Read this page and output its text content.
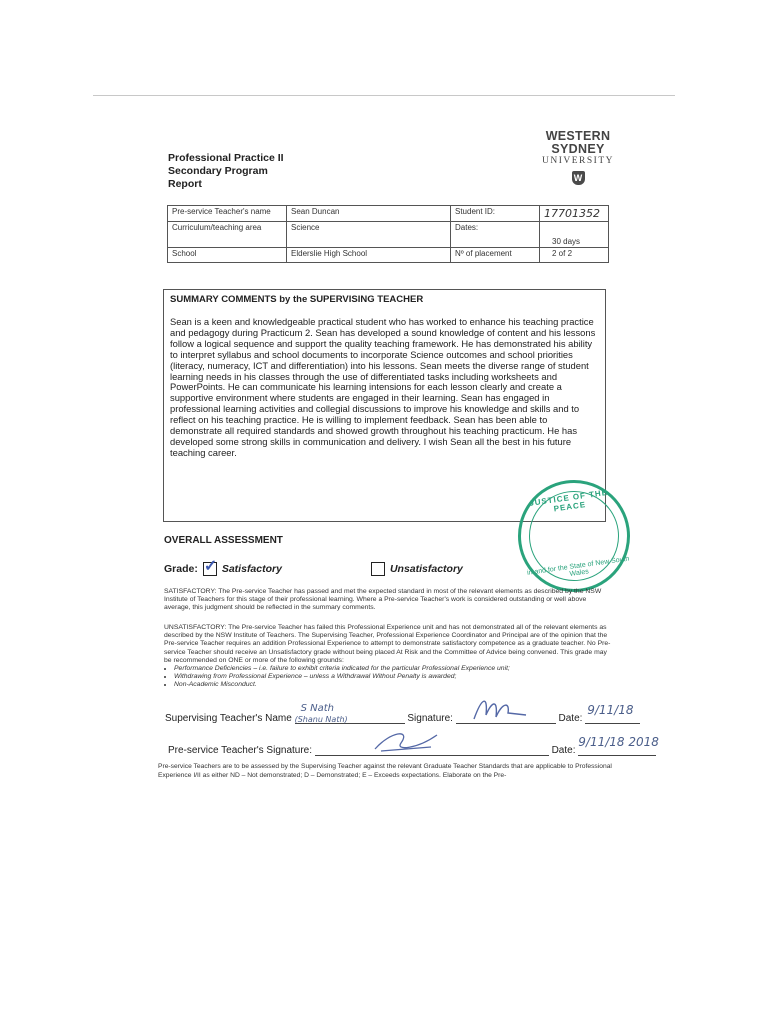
Professional Practice II
Secondary Program
Report
WESTERN SYDNEY
UNIVERSITY
W
Pre-service Teacher's name	Sean Duncan	Student ID:	17701352
Curriculum/teaching area	Science	Dates:	30 days
School	Elderslie High School	Nº of placement	2 of 2
SUMMARY COMMENTS by the SUPERVISING TEACHER

Sean is a keen and knowledgeable practical student who has worked to enhance his teaching practice and pedagogy during Practicum 2. Sean has developed a sound knowledge of content and his lessons follow a logical sequence and support the quality teaching framework. He has demonstrated his ability to interpret syllabus and school documents to incorporate Science outcomes and school priorities (literacy, numeracy, ICT and differentiation) into his lessons. Sean meets the diverse range of student learning needs in his classes through the use of differentiated tasks including worksheets and PowerPoints. He can communicate his learning intensions for each lesson clearly and create a supportive environment where students are engaged in their learning. Sean has engaged in professional learning activities and collegial discussions to improve his knowledge and skills and to reflect on his teaching practice. He is willing to implement feedback. Sean has been able to demonstrate all required standards and showed growth throughout his teaching practicum. He has developed some strong skills in communication and delivery. I wish Sean all the best in his future teaching career.

JUSTICE OF THE PEACE
in and for the State of New South Wales
OVERALL ASSESSMENT
Grade: ✓ Satisfactory	Unsatisfactory
SATISFACTORY: The Pre-service Teacher has passed and met the expected standard in most of the relevant elements as described by the NSW Institute of Teachers for this stage of their professional learning. Where a Pre-service Teacher's work is considered outstanding or well above average, this judgment should be reflected in the summary comments.
UNSATISFACTORY: The Pre-service Teacher has failed this Professional Experience unit and has not demonstrated all of the relevant elements as described by the NSW Institute of Teachers. The Supervising Teacher, Professional Experience Coordinator and Principal are of the opinion that the Pre-service Teacher requires an addition Professional Experience to attempt to demonstrate satisfactory competence as a graduate teacher. No Pre-service Teacher should receive an Unsatisfactory grade without being placed At Risk and the Committee of Advice being convened. This grade may be recommended on ONE or more of the following grounds:
• Performance Deficiencies – i.e. failure to exhibit criteria indicated for the particular Professional Experience unit;
• Withdrawing from Professional Experience – unless a Withdrawal Without Penalty is awarded;
• Non-Academic Misconduct.
Supervising Teacher's Name
S Nath
(Shanu Nath)	Signature:	Date:
9/11/18
Pre-service Teacher's Signature:	Date:
9/11/18 2018
Pre-service Teachers are to be assessed by the Supervising Teacher against the relevant Graduate Teacher Standards that are applicable to Professional Experience I/II as either ND – Not demonstrated; D – Demonstrated; E – Exceeds expectations. Elaborate on the Pre-
